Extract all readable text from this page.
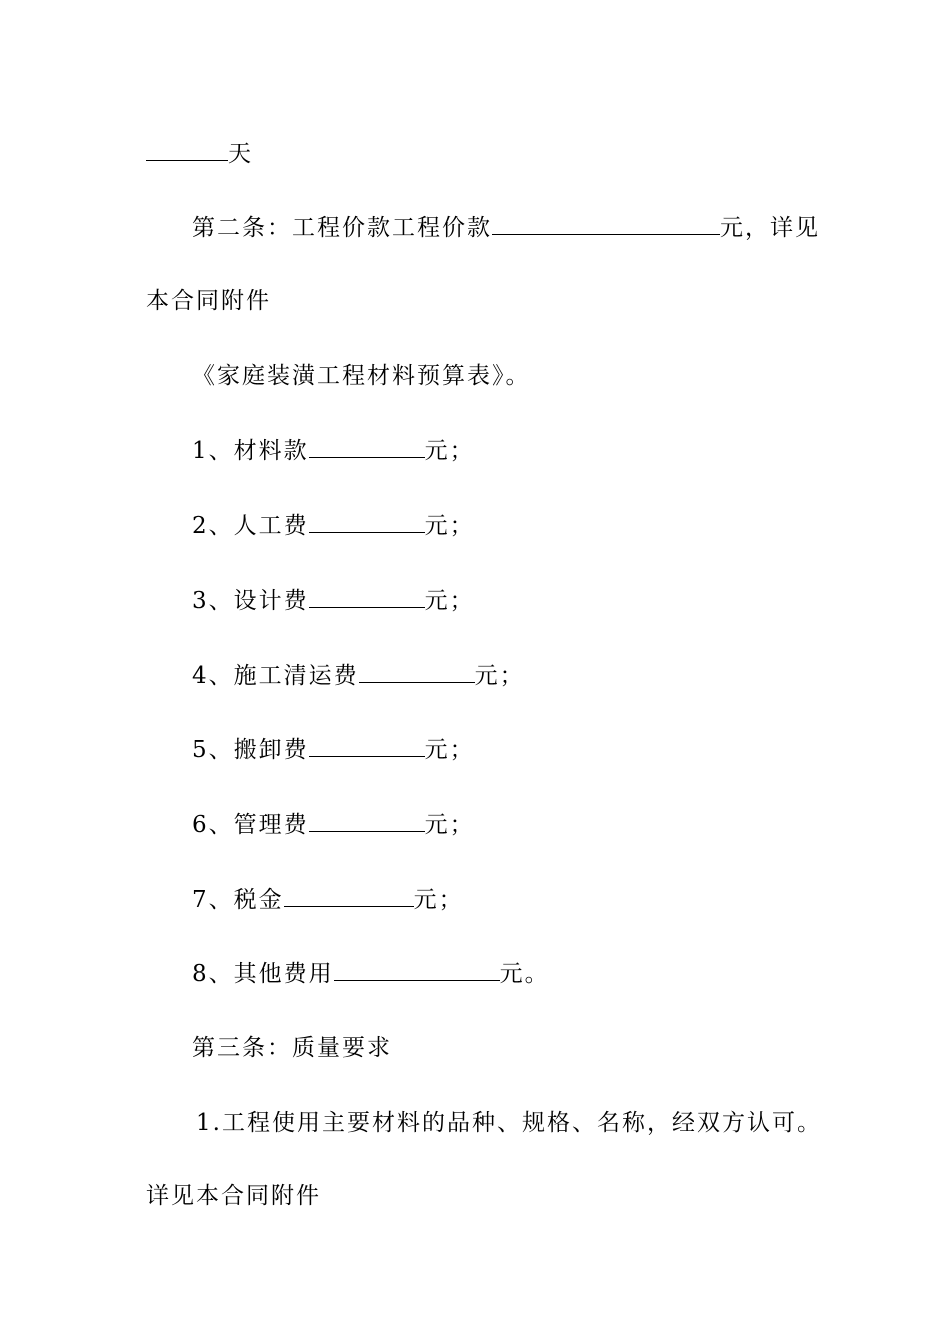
天
第二条：工程价款工程价款	元，详见
本合同附件
《家庭装潢工程材料预算表》。
1、材料款	元；
2、人工费	元；
3、设计费	元；
4、施工清运费	元；
5、搬卸费	元；
6、管理费	元；
7、税金	元；
8、其他费用	元。
第三条：质量要求
1.工程使用主要材料的品种、规格、名称，经双方认可。
详见本合同附件
